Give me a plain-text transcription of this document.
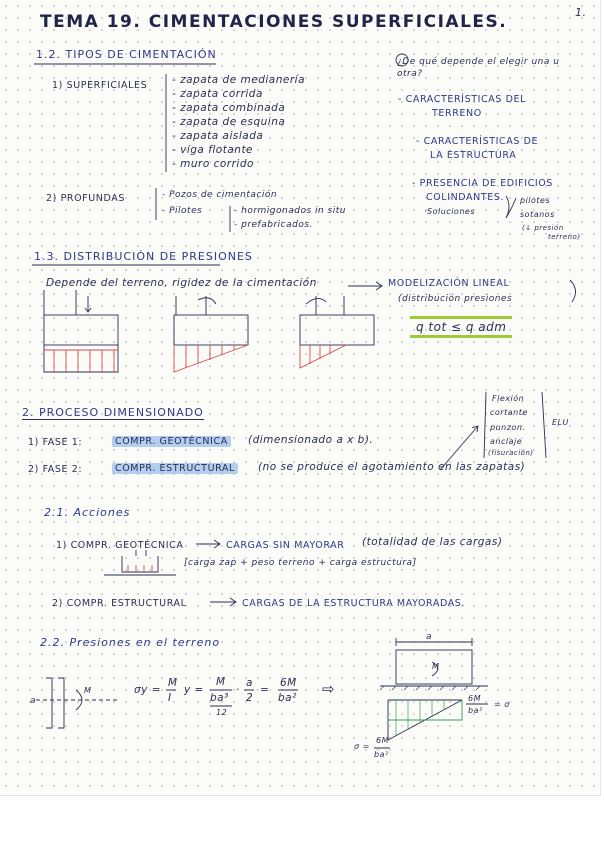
1.
TEMA 19. CIMENTACIONES SUPERFICIALES.
1.2. TIPOS DE CIMENTACIÓN
1) SUPERFICIALES - zapata de medianería
- zapata corrida
- zapata combinada
- zapata de esquina
- zapata aislada
- viga flotante
- muro corrido
2) PROFUNDAS	- Pozos de cimentación
- Pilotes	- hormigonados in situ
- prefabricados.
¿De qué depende el elegir una u otra?
- CARACTERÍSTICAS DEL
TERRENO
- CARACTERÍSTICAS DE
LA ESTRUCTURA
- PRESENCIA DE EDIFICIOS
COLINDANTES.
·Soluciones
pilotes
sotanos
(↓ presión
terreno)
1.3. DISTRIBUCIÓN DE PRESIONES
Depende del terreno, rigidez de la cimentación	MODELIZACIÓN LINEAL
(distribución presiones
q tot ≤ q adm
2. PROCESO DIMENSIONADO
1) FASE 1:	COMPR. GEOTÉCNICA (dimensionado a x b).
2) FASE 2:	COMPR. ESTRUCTURAL (no se produce el agotamiento en las zapatas)
Flexión
cortante
punzon.
anclaje
(fisuración)
ELU
2.1. Acciones
1) COMPR. GEOTÉCNICA	CARGAS SIN MAYORAR (totalidad de las cargas)
[carga zap + peso terreno + carga estructura]
2) COMPR. ESTRUCTURAL	CARGAS DE LA ESTRUCTURA MAYORADAS.
2.2. Presiones en el terreno
a
M	σy =
M
I
y =
M
ba³
12
·
a
2
=
6M
ba² ⇨
a
M
6M
ba²
= σ
σ =
6M
ba²
